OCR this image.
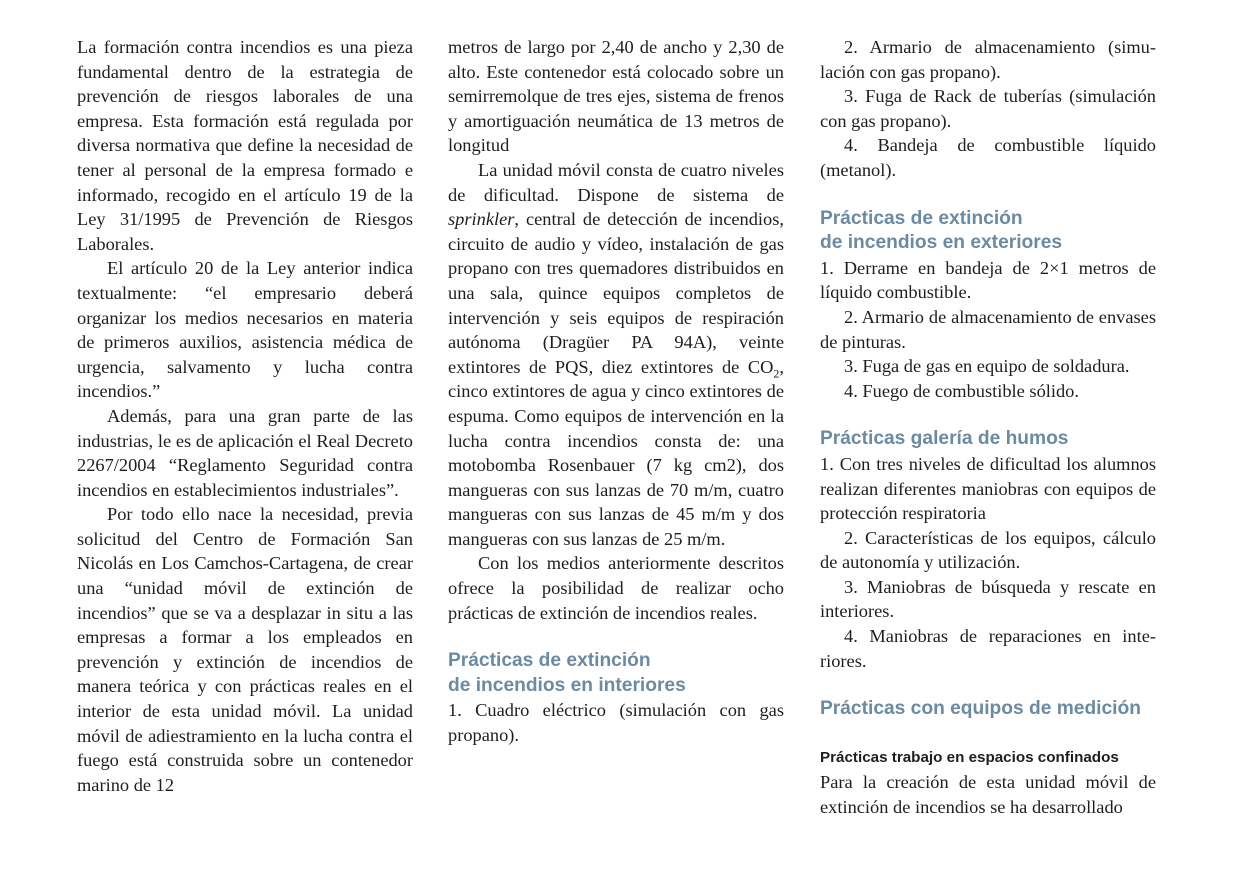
La formación contra incendios es una pieza fundamental dentro de la estrategia de prevención de riesgos laborales de una empresa. Esta formación está regulada por diversa normativa que define la necesidad de tener al personal de la empresa formado e informado, recogido en el artículo 19 de la Ley 31/1995 de Prevención de Riesgos Laborales.

El artículo 20 de la Ley anterior indica textualmente: “el empresario deberá organizar los medios necesarios en materia de primeros auxilios, asistencia médica de urgencia, salvamento y lucha contra incendios.”

Además, para una gran parte de las industrias, le es de aplicación el Real Decreto 2267/2004 “Reglamento Seguridad contra incendios en establecimientos industriales”.

Por todo ello nace la necesidad, previa solicitud del Centro de Formación San Nicolás en Los Camchos-Cartagena, de crear una “unidad móvil de extinción de incendios” que se va a desplazar in situ a las empresas a formar a los empleados en prevención y extinción de incendios de manera teórica y con prácticas reales en el interior de esta unidad móvil. La unidad móvil de adiestramiento en la lucha contra el fuego está construida sobre un contenedor marino de 12

metros de largo por 2,40 de ancho y 2,30 de alto. Este contenedor está colocado sobre un semirremolque de tres ejes, sistema de frenos y amortiguación neumática de 13 metros de longitud

La unidad móvil consta de cuatro niveles de dificultad. Dispone de sistema de sprinkler, central de detección de incendios, circuito de audio y vídeo, instalación de gas propano con tres quemadores distribuidos en una sala, quince equipos completos de intervención y seis equipos de respiración autónoma (Dragüer PA 94A), veinte extintores de PQS, diez extintores de $CO_2$, cinco extintores de agua y cinco extintores de espuma. Como equipos de intervención en la lucha contra incendios consta de: una motobomba Rosenbauer (7 kg cm2), dos mangueras con sus lanzas de 70 m/m, cuatro mangueras con sus lanzas de 45 m/m y dos mangueras con sus lanzas de 25 m/m.

Con los medios anteriormente descritos ofrece la posibilidad de realizar ocho prácticas de extinción de incendios reales.

Prácticas de extinción
de incendios en interiores

1. Cuadro eléctrico (simulación con gas propano).

2. Armario de almacenamiento (simulación con gas propano).

3. Fuga de Rack de tuberías (simulación con gas propano).

4. Bandeja de combustible líquido (metanol).

Prácticas de extinción
de incendios en exteriores

1. Derrame en bandeja de 2×1 metros de líquido combustible.

2. Armario de almacenamiento de envases de pinturas.

3. Fuga de gas en equipo de soldadura.

4. Fuego de combustible sólido.

Prácticas galería de humos

1. Con tres niveles de dificultad los alumnos realizan diferentes maniobras con equipos de protección respiratoria

2. Características de los equipos, cálculo de autonomía y utilización.

3. Maniobras de búsqueda y rescate en interiores.

4. Maniobras de reparaciones en interiores.

Prácticas con equipos de medición
Prácticas trabajo en espacios confinados

Para la creación de esta unidad móvil de extinción de incendios se ha desarrollado
